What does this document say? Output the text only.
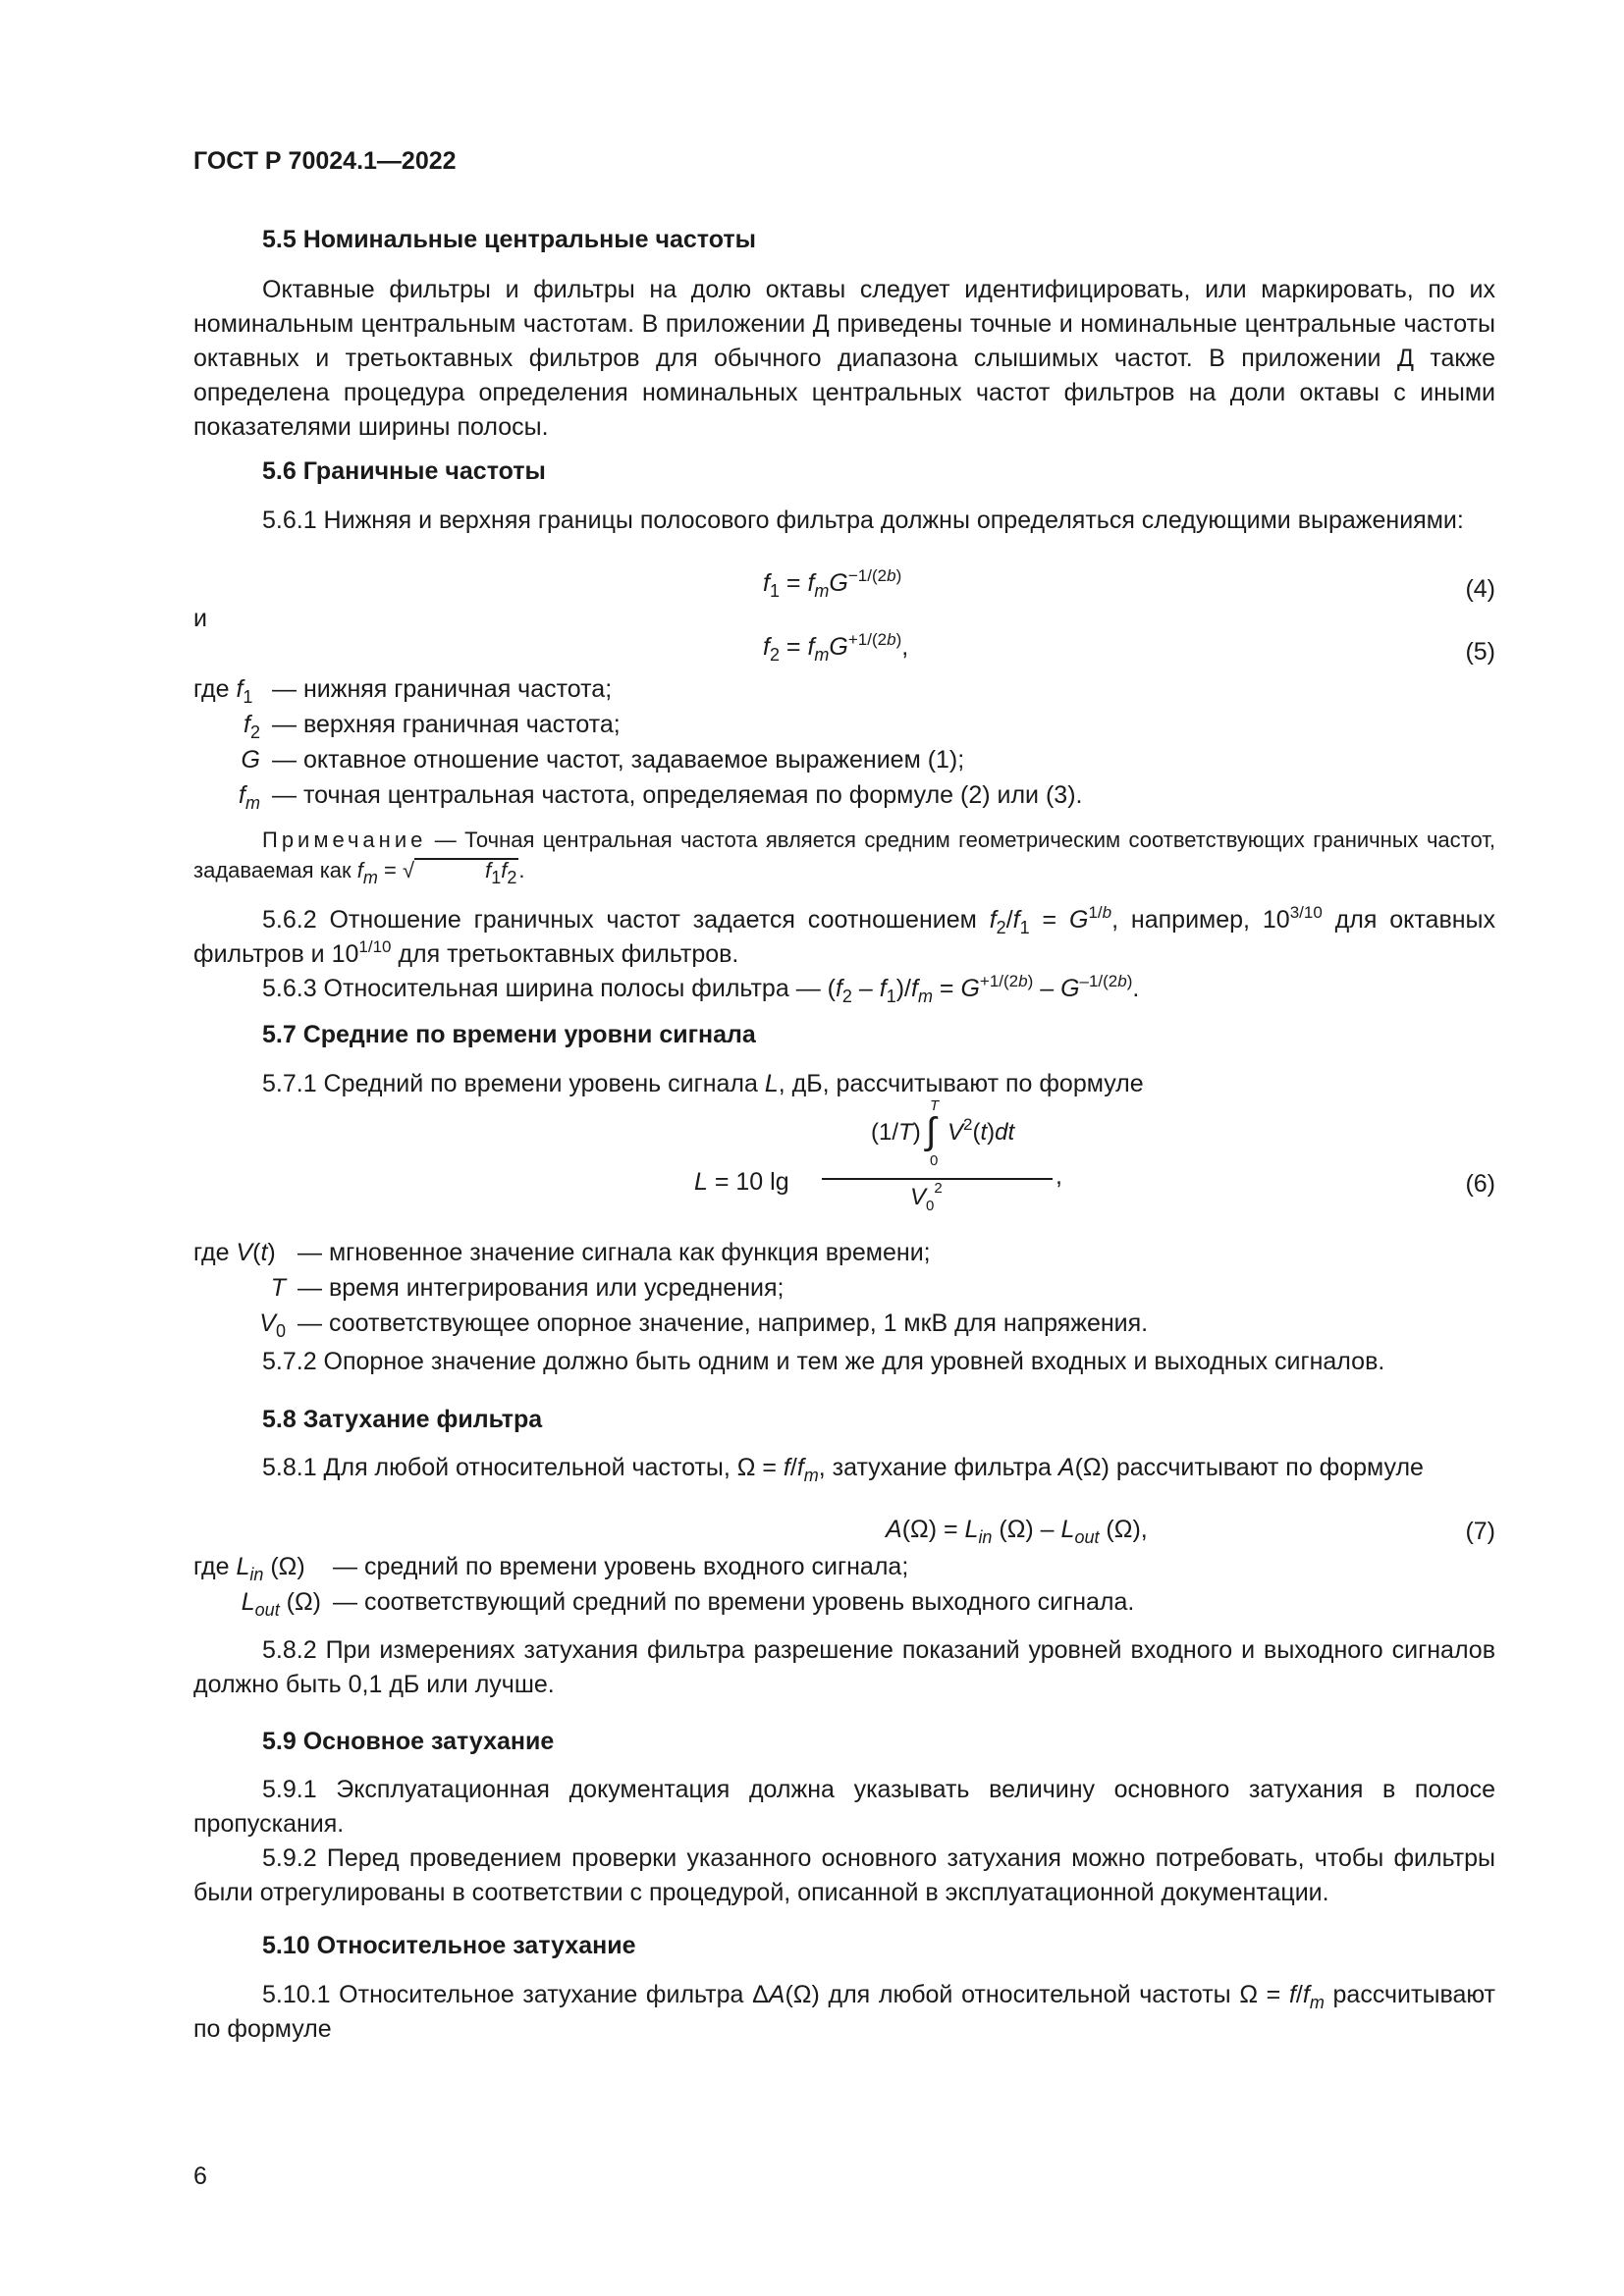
ГОСТ Р 70024.1—2022
5.5 Номинальные центральные частоты
Октавные фильтры и фильтры на долю октавы следует идентифицировать, или маркировать, по их номинальным центральным частотам. В приложении Д приведены точные и номинальные центральные частоты октавных и третьоктавных фильтров для обычного диапазона слышимых частот. В приложении Д также определена процедура определения номинальных центральных частот фильтров на доли октавы с иными показателями ширины полосы.
5.6 Граничные частоты
5.6.1 Нижняя и верхняя границы полосового фильтра должны определяться следующими выражениями:
$f_1 = f_mG^{-1/(2b)}$	(4)
и
$f_2 = f_mG^{+1/(2b)}$,	(5)
где $f_1$ — нижняя граничная частота;
$f_2$ — верхняя граничная частота;
G — октавное отношение частот, задаваемое выражением (1);
$f_m$ — точная центральная частота, определяемая по формуле (2) или (3).
Примечание — Точная центральная частота является средним геометрическим соответствующих граничных частот, задаваемая как $f_m$ = √	$f_1f_2$.
5.6.2 Отношение граничных частот задается соотношением $f_2/f_1 = G^{1/b}$, например, $10^{3/10}$ для октавных фильтров и $10^{1/10}$ для третьоктавных фильтров.
5.6.3 Относительная ширина полосы фильтра — $(f_2 - f_1)/f_m = G^{+1/(2b)} - G^{-1/(2b)}$.
5.7 Средние по времени уровни сигнала
5.7.1 Средний по времени уровень сигнала L, дБ, рассчитывают по формуле
L = 10 lg
(1/T)
T
∫
0
$V^2(t)dt$
,
$V_0^2$	(6)
где V(t) — мгновенное значение сигнала как функция времени;
T — время интегрирования или усреднения;
$V_0$ — соответствующее опорное значение, например, 1 мкВ для напряжения.
5.7.2 Опорное значение должно быть одним и тем же для уровней входных и выходных сигналов.
5.8 Затухание фильтра
5.8.1 Для любой относительной частоты, $\Omega = f/f_m$, затухание фильтра A(Ω) рассчитывают по формуле
$A(\Omega) = L_{in}$ $(\Omega) - L_{out}$ (Ω),	(7)
где $L_{in}$ (Ω)	— средний по времени уровень входного сигнала;
$L_{out}$ (Ω) — соответствующий средний по времени уровень выходного сигнала.
5.8.2 При измерениях затухания фильтра разрешение показаний уровней входного и выходного сигналов должно быть 0,1 дБ или лучше.
5.9 Основное затухание
5.9.1 Эксплуатационная документация должна указывать величину основного затухания в полосе пропускания.
5.9.2 Перед проведением проверки указанного основного затухания можно потребовать, чтобы фильтры были отрегулированы в соответствии с процедурой, описанной в эксплуатационной документации.
5.10 Относительное затухание
5.10.1 Относительное затухание фильтра ΔA(Ω) для любой относительной частоты $\Omega = f/f_m$ рассчитывают по формуле
6
